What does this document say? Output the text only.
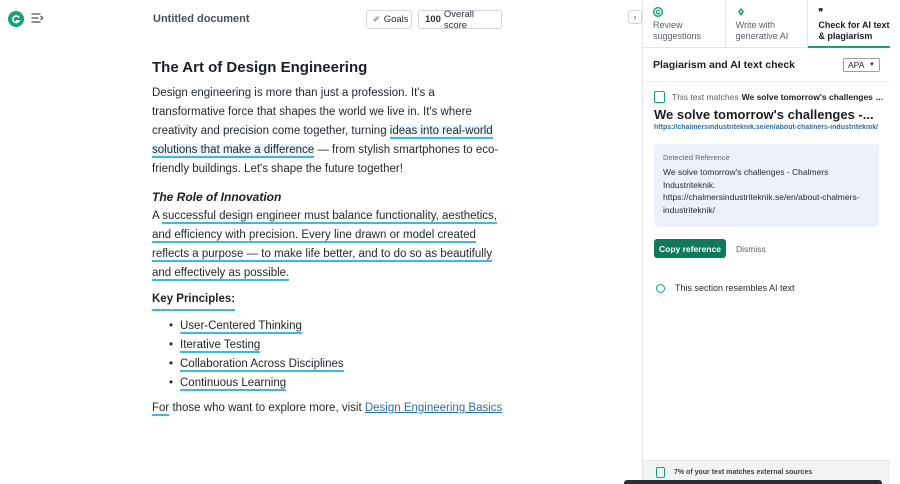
Untitled document	✐ Goals 100 Overall score
›
The Art of Design Engineering

Design engineering is more than just a profession. It's a transformative force that shapes the world we live in. It's where creativity and precision come together, turning ideas into real-world solutions that make a difference — from stylish smartphones to eco-friendly buildings. Let's shape the future together!

The Role of Innovation

A successful design engineer must balance functionality, aesthetics, and efficiency with precision. Every line drawn or model created reflects a purpose — to make life better, and to do so as beautifully and effectively as possible.

Key Principles:
• User-Centered Thinking
• Iterative Testing
• Collaboration Across Disciplines
• Continuous Learning

For those who want to explore more, visit Design Engineering Basics

Review suggestions
Write with generative AI
❞
Check for AI text & plagiarism
Plagiarism and AI text check	APA ▼
This text matches We solve tomorrow's challenges ...
We solve tomorrow's challenges -...
https://chalmersindustriteknik.se/en/about-chalmers-industriteknik/
Detected Reference
We solve tomorrow's challenges - Chalmers Industriteknik. https://chalmersindustriteknik.se/en/about-chalmers-industriteknik/
Copy reference	Dismiss
This section resembles AI text
7% of your text matches external sources
